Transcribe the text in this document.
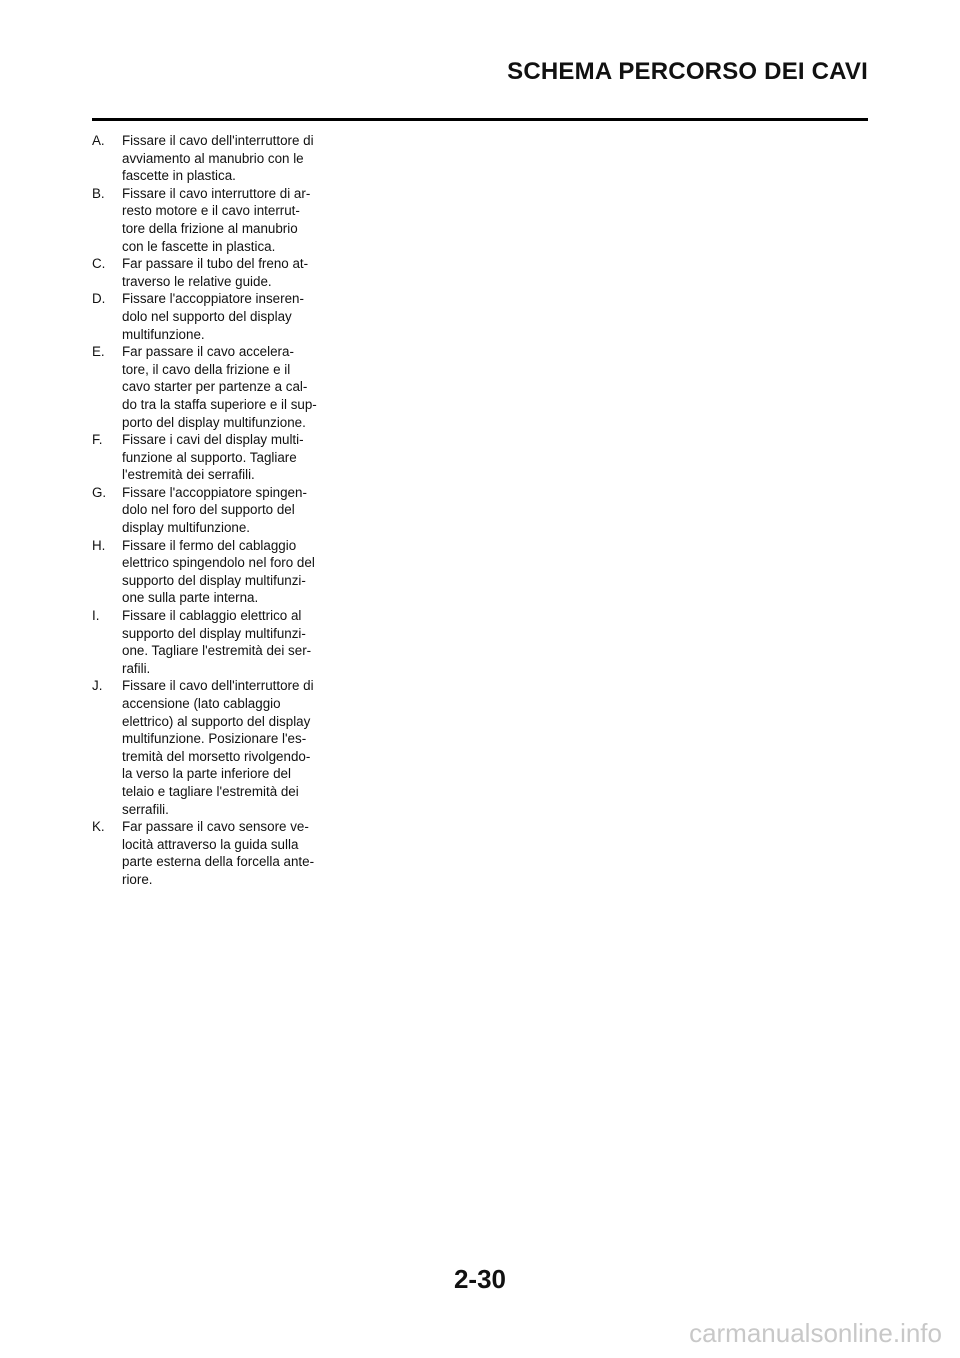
SCHEMA PERCORSO DEI CAVI
A.	Fissare il cavo dell'interruttore di
avviamento al manubrio con le
fascette in plastica.
B.	Fissare il cavo interruttore di ar-
resto motore e il cavo interrut-
tore della frizione al manubrio
con le fascette in plastica.
C.	Far passare il tubo del freno at-
traverso le relative guide.
D.	Fissare l'accoppiatore inseren-
dolo nel supporto del display
multifunzione.
E.	Far passare il cavo accelera-
tore, il cavo della frizione e il
cavo starter per partenze a cal-
do tra la staffa superiore e il sup-
porto del display multifunzione.
F.	Fissare i cavi del display multi-
funzione al supporto. Tagliare
l'estremità dei serrafili.
G.	Fissare l'accoppiatore spingen-
dolo nel foro del supporto del
display multifunzione.
H.	Fissare il fermo del cablaggio
elettrico spingendolo nel foro del
supporto del display multifunzi-
one sulla parte interna.
I.	Fissare il cablaggio elettrico al
supporto del display multifunzi-
one. Tagliare l'estremità dei ser-
rafili.
J.	Fissare il cavo dell'interruttore di
accensione (lato cablaggio
elettrico) al supporto del display
multifunzione. Posizionare l'es-
tremità del morsetto rivolgendo-
la verso la parte inferiore del
telaio e tagliare l'estremità dei
serrafili.
K.	Far passare il cavo sensore ve-
locità attraverso la guida sulla
parte esterna della forcella ante-
riore.
2-30
carmanualsonline.info
